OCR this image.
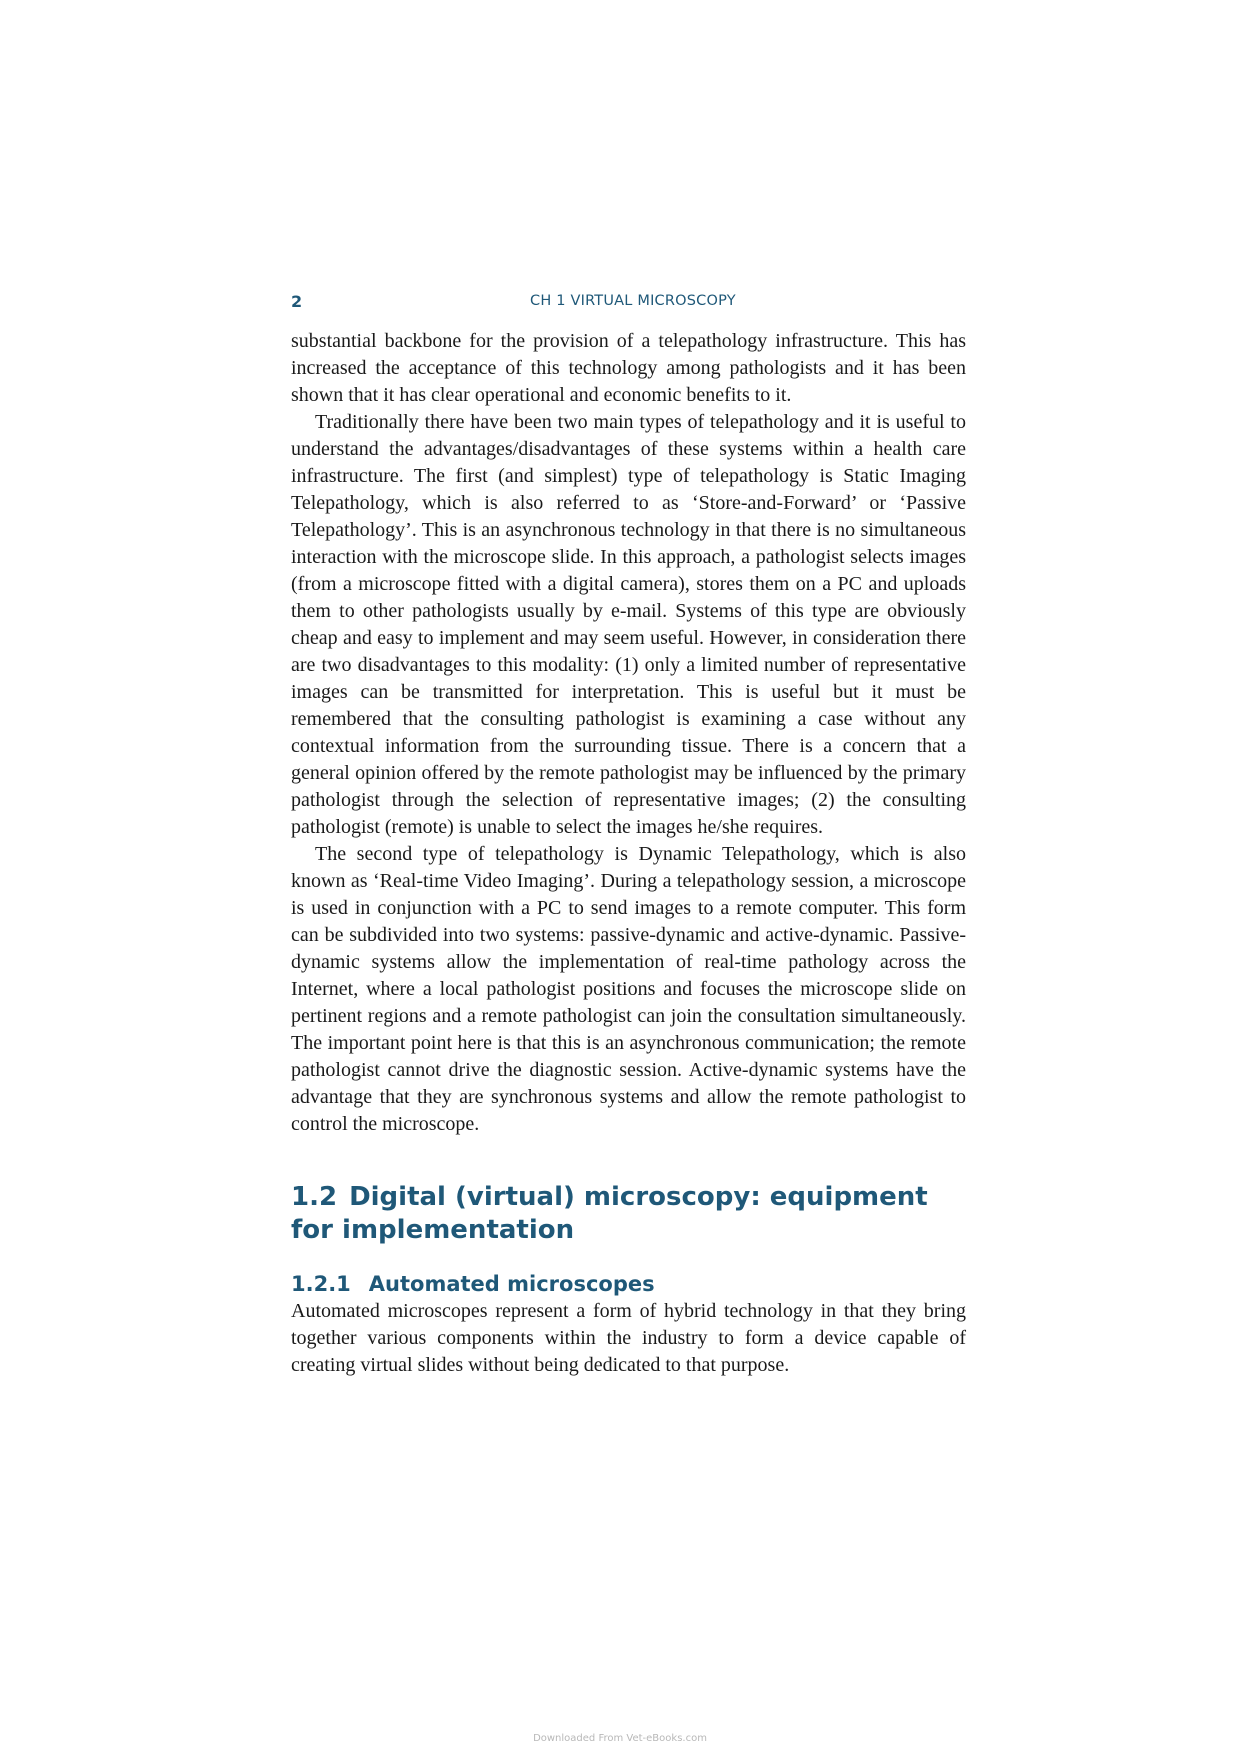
2	CH 1 VIRTUAL MICROSCOPY

substantial backbone for the provision of a telepathology infrastructure. This has increased the acceptance of this technology among pathologists and it has been shown that it has clear operational and economic benefits to it.

Traditionally there have been two main types of telepathology and it is useful to understand the advantages/disadvantages of these systems within a health care infrastructure. The first (and simplest) type of telepathology is Static Imaging Telepathology, which is also referred to as ‘Store-and-Forward’ or ‘Passive Telepathology’. This is an asynchronous technology in that there is no simultaneous interaction with the microscope slide. In this approach, a pathologist selects images (from a microscope fitted with a digital camera), stores them on a PC and uploads them to other pathologists usually by e-mail. Systems of this type are obviously cheap and easy to implement and may seem useful. However, in consideration there are two disadvantages to this modality: (1) only a limited number of representative images can be transmitted for interpretation. This is useful but it must be remembered that the consulting pathologist is examining a case without any contextual information from the surrounding tissue. There is a concern that a general opinion offered by the remote pathologist may be influenced by the primary pathologist through the selection of representative images; (2) the consulting pathologist (remote) is unable to select the images he/she requires.

The second type of telepathology is Dynamic Telepathology, which is also known as ‘Real-time Video Imaging’. During a telepathology session, a microscope is used in conjunction with a PC to send images to a remote computer. This form can be subdivided into two systems: passive-dynamic and active-dynamic. Passive-dynamic systems allow the implementation of real-time pathology across the Internet, where a local pathologist positions and focuses the microscope slide on pertinent regions and a remote pathologist can join the consultation simultaneously. The important point here is that this is an asynchronous communication; the remote pathologist cannot drive the diagnostic session. Active-dynamic systems have the advantage that they are synchronous systems and allow the remote pathologist to control the microscope.

1.2 Digital (virtual) microscopy: equipment
for implementation
1.2.1 Automated microscopes

Automated microscopes represent a form of hybrid technology in that they bring together various components within the industry to form a device capable of creating virtual slides without being dedicated to that purpose.

Downloaded From Vet-eBooks.com
